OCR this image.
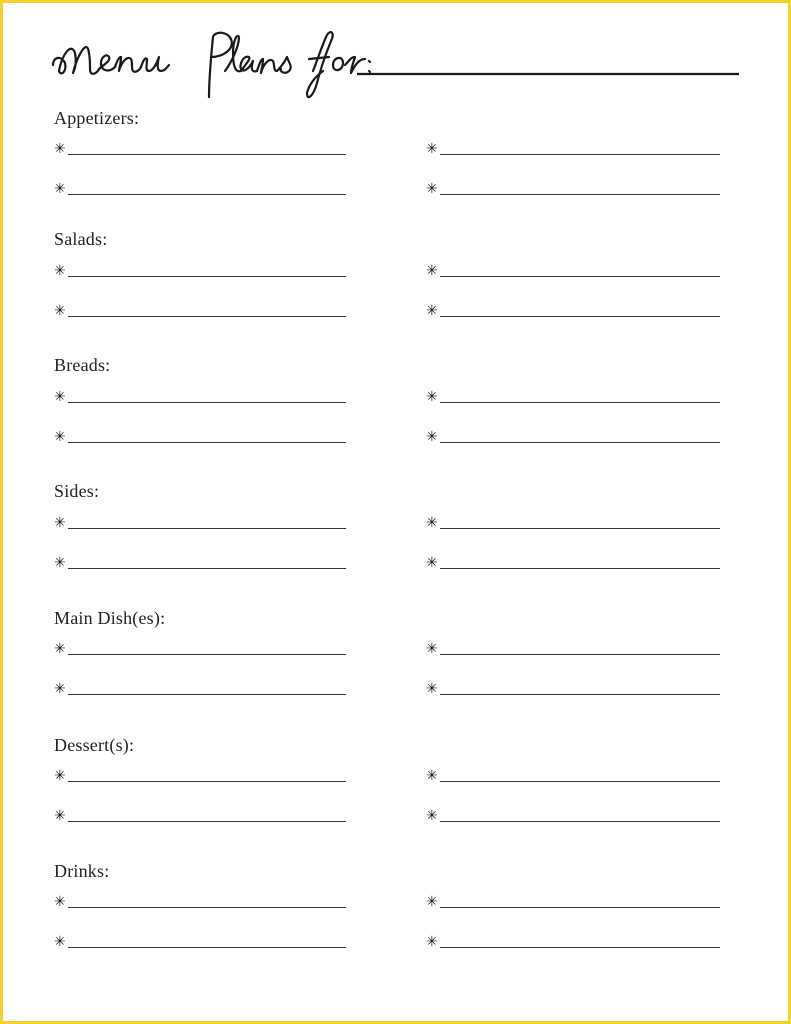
Appetizers:
✳	✳
✳	✳
Salads:
✳	✳
✳	✳
Breads:
✳	✳
✳	✳
Sides:
✳	✳
✳	✳
Main Dish(es):
✳	✳
✳	✳
Dessert(s):
✳	✳
✳	✳
Drinks:
✳	✳
✳	✳
